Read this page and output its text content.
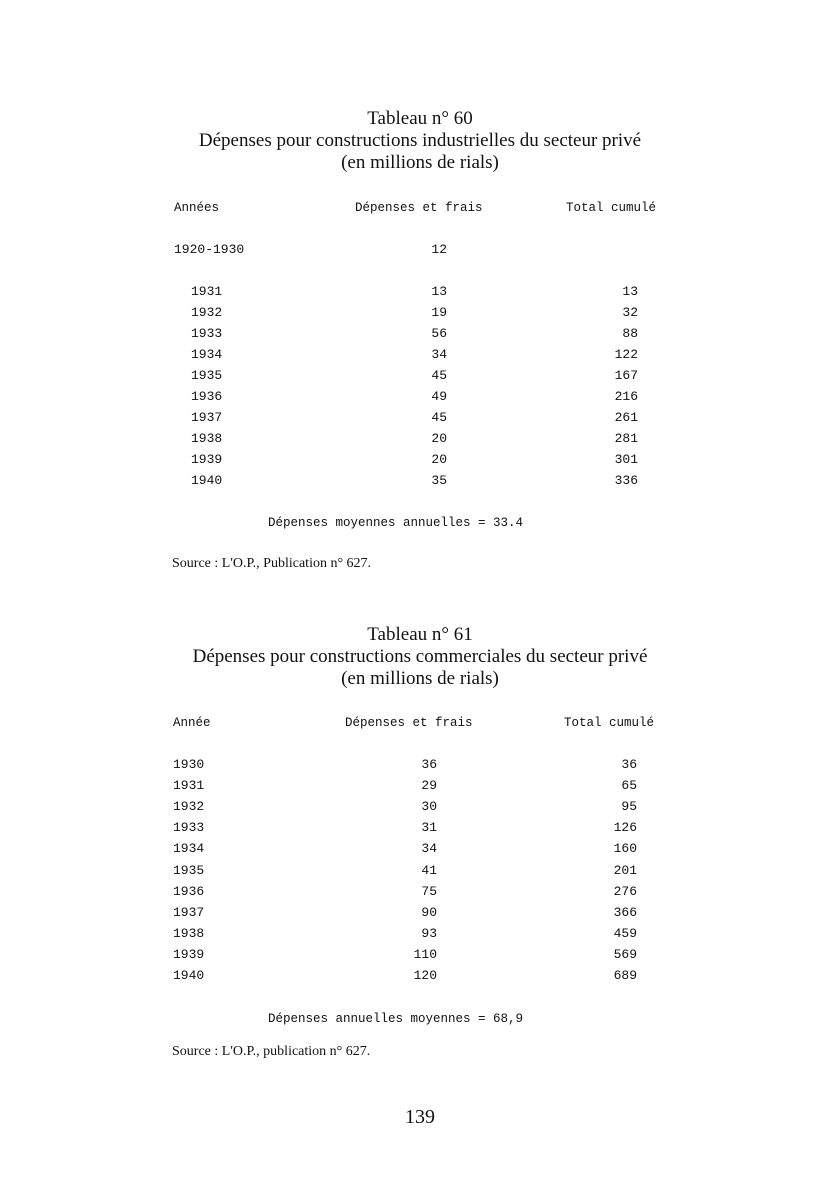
Tableau n° 60
Dépenses pour constructions industrielles du secteur privé
(en millions de rials)
Années	Dépenses et frais	Total cumulé
1920-1930	12
1931	13	13
1932	19	32
1933	56	88
1934	34	122
1935	45	167
1936	49	216
1937	45	261
1938	20	281
1939	20	301
1940	35	336
Dépenses moyennes annuelles = 33.4
Source : L'O.P., Publication n° 627.
Tableau n° 61
Dépenses pour constructions commerciales du secteur privé
(en millions de rials)
Année	Dépenses et frais	Total cumulé
1930	36	36
1931	29	65
1932	30	95
1933	31	126
1934	34	160
1935	41	201
1936	75	276
1937	90	366
1938	93	459
1939	110	569
1940	120	689
Dépenses annuelles moyennes = 68,9
Source : L'O.P., publication n° 627.
139
